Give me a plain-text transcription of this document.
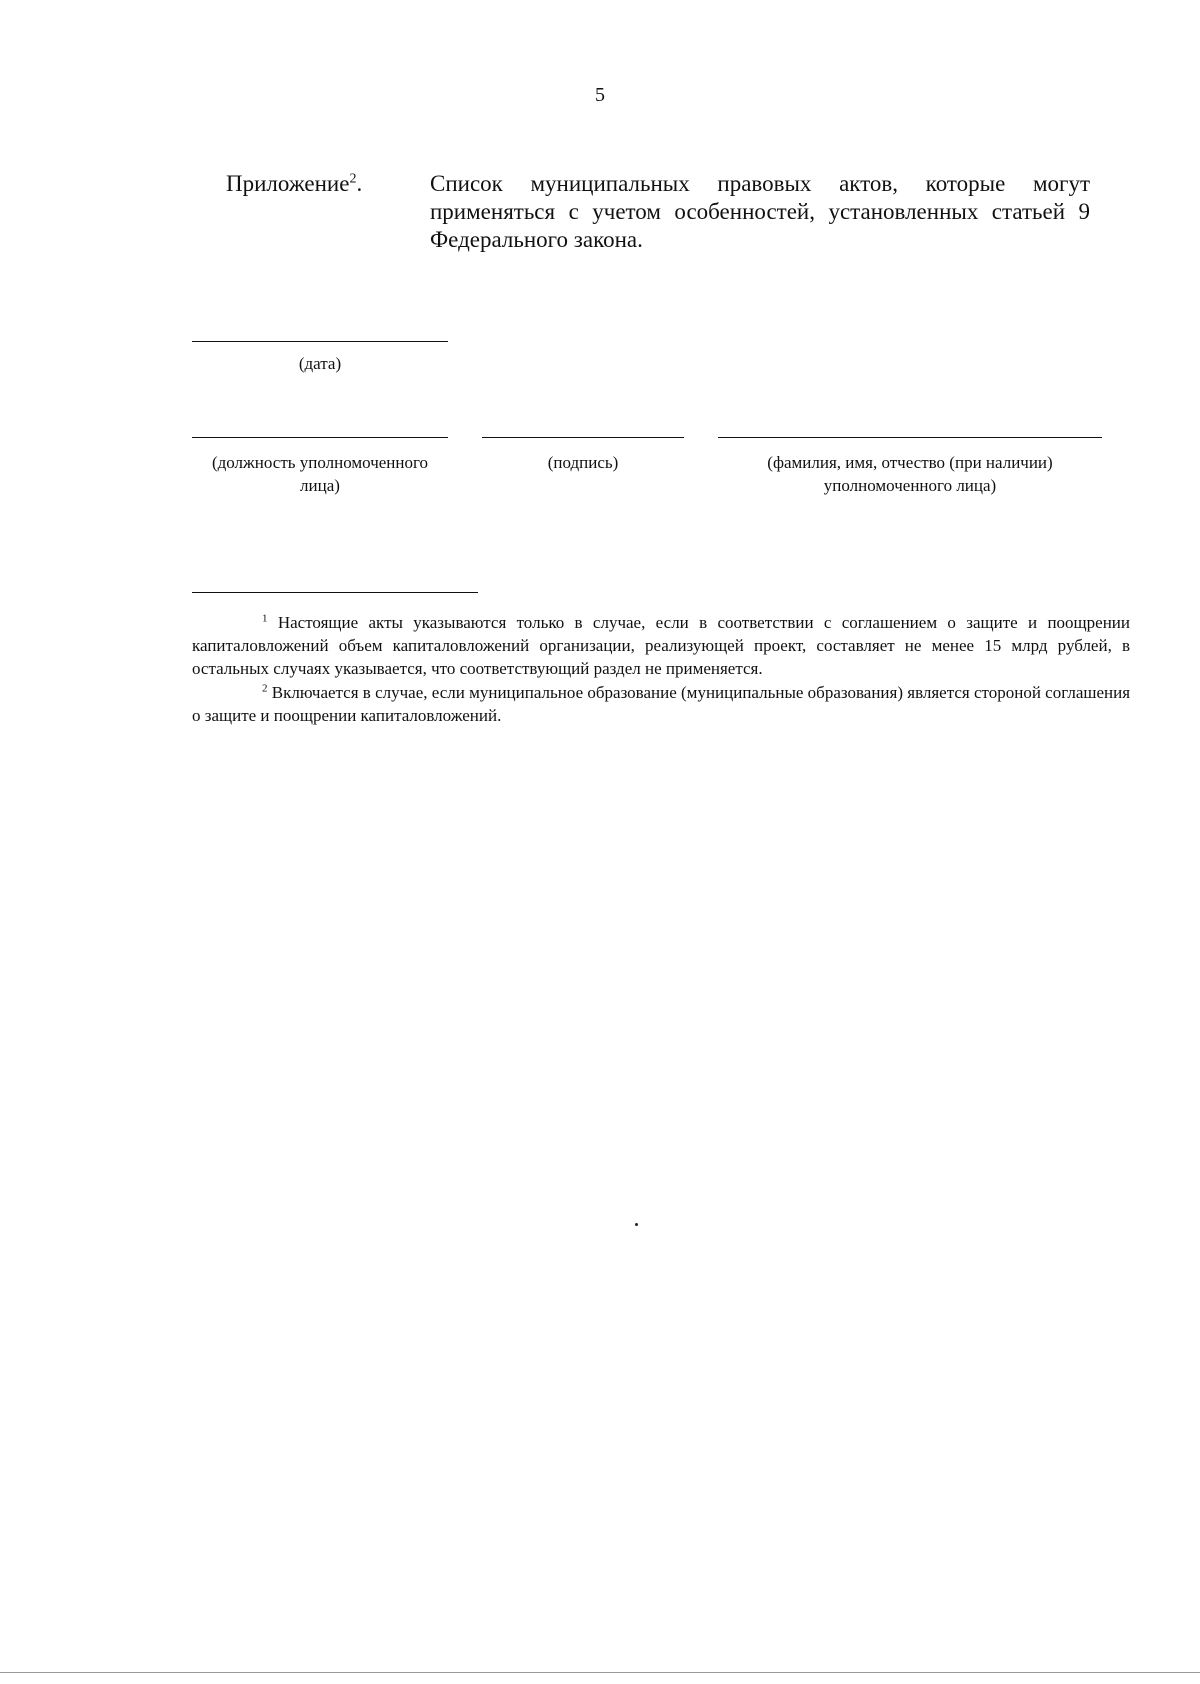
5
Приложение$^2$.	Список муниципальных правовых актов, которые могут применяться с учетом особенностей, установленных статьей 9 Федерального закона.
(дата)
(должность уполномоченного лица)
(подпись)	(фамилия, имя, отчество (при наличии) уполномоченного лица)
$^1$ Настоящие акты указываются только в случае, если в соответствии с соглашением о защите и поощрении капиталовложений объем капиталовложений организации, реализующей проект, составляет не менее 15 млрд рублей, в остальных случаях указывается, что соответствующий раздел не применяется.
$^2$ Включается в случае, если муниципальное образование (муниципальные образования) является стороной соглашения о защите и поощрении капиталовложений.
